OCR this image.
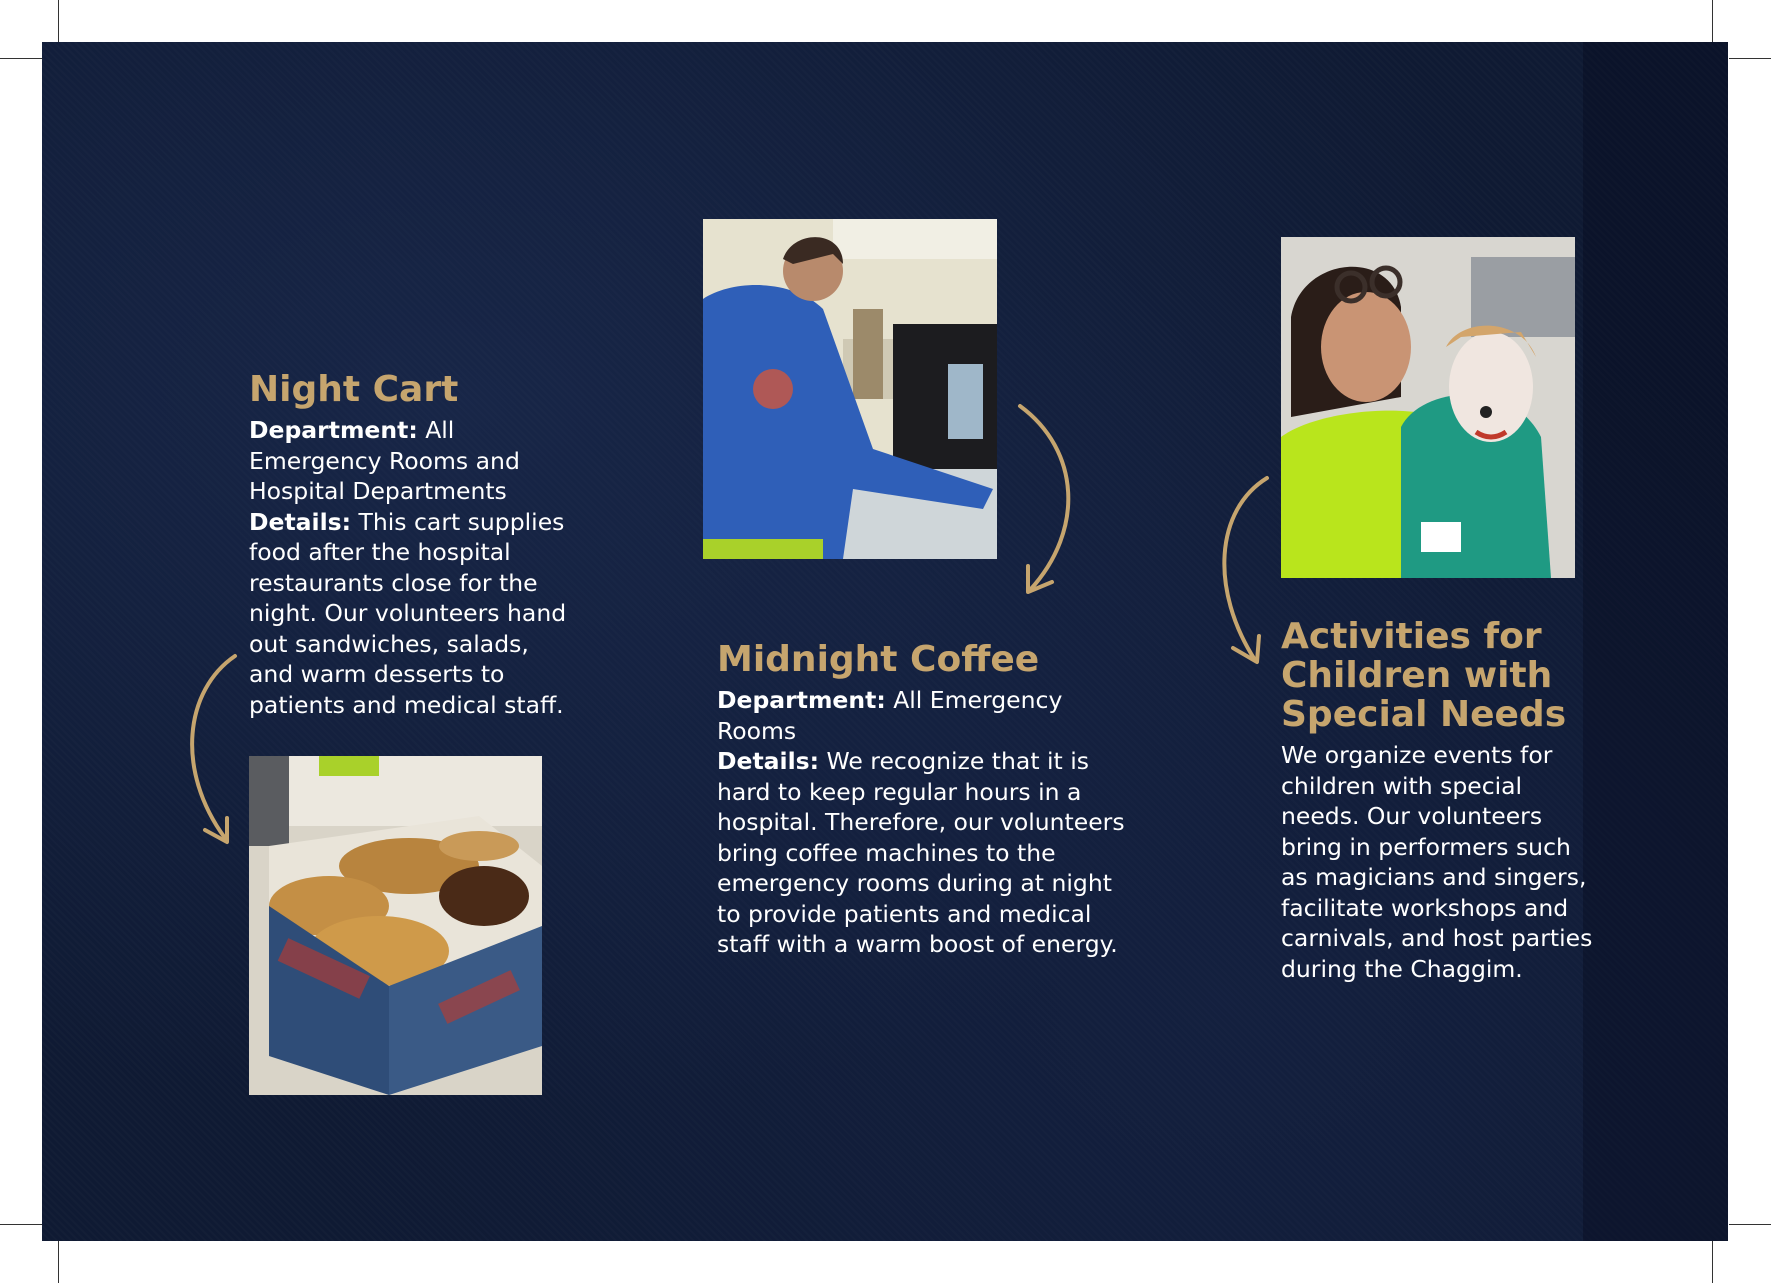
Night Cart
Department: All Emergency Rooms and Hospital Departments
Details: This cart supplies food after the hospital restaurants close for the night. Our volunteers hand out sandwiches, salads, and warm desserts to patients and medical staff.
Midnight Coffee
Department: All Emergency Rooms
Details: We recognize that it is hard to keep regular hours in a hospital. Therefore, our volunteers bring coffee machines to the emergency rooms during at night to provide patients and medical staff with a warm boost of energy.
Activities for Children with Special Needs
We organize events for children with special needs. Our volunteers bring in performers such as magicians and singers, facilitate workshops and carnivals, and host parties during the Chaggim.
